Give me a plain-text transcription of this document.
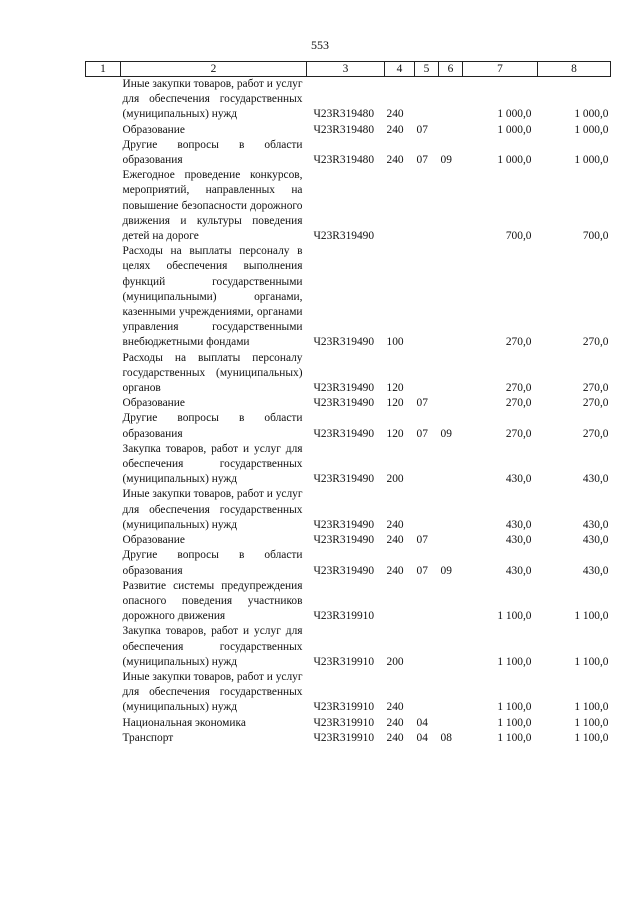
553
1	2	3	4	5	6	7	8
	Иные закупки товаров, работ и услуг для обеспечения государственных (муниципальных) нужд	Ч23R319480	240			1 000,0	1 000,0
	Образование	Ч23R319480	240	07		1 000,0	1 000,0
	Другие вопросы в области образования	Ч23R319480	240	07	09	1 000,0	1 000,0
	Ежегодное проведение конкурсов, мероприятий, направленных на повышение безопасности дорожного движения и культуры поведения детей на дороге	Ч23R319490				700,0	700,0
	Расходы на выплаты персоналу в целях обеспечения выполнения функций государственными (муниципальными) органами, казенными учреждениями, органами управления государственными внебюджетными фондами	Ч23R319490	100			270,0	270,0
	Расходы на выплаты персоналу государственных (муниципальных) органов	Ч23R319490	120			270,0	270,0
	Образование	Ч23R319490	120	07		270,0	270,0
	Другие вопросы в области образования	Ч23R319490	120	07	09	270,0	270,0
	Закупка товаров, работ и услуг для обеспечения государственных (муниципальных) нужд	Ч23R319490	200			430,0	430,0
	Иные закупки товаров, работ и услуг для обеспечения государственных (муниципальных) нужд	Ч23R319490	240			430,0	430,0
	Образование	Ч23R319490	240	07		430,0	430,0
	Другие вопросы в области образования	Ч23R319490	240	07	09	430,0	430,0
	Развитие системы предупреждения опасного поведения участников дорожного движения	Ч23R319910				1 100,0	1 100,0
	Закупка товаров, работ и услуг для обеспечения государственных (муниципальных) нужд	Ч23R319910	200			1 100,0	1 100,0
	Иные закупки товаров, работ и услуг для обеспечения государственных (муниципальных) нужд	Ч23R319910	240			1 100,0	1 100,0
	Национальная экономика	Ч23R319910	240	04		1 100,0	1 100,0
	Транспорт	Ч23R319910	240	04	08	1 100,0	1 100,0
